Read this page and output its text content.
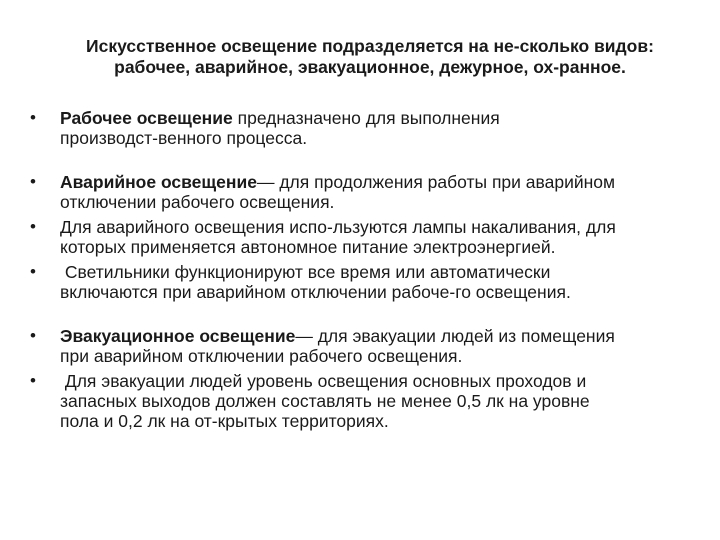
Искусственное освещение подразделяется на не-сколько видов:
рабочее, аварийное, эвакуационное, дежурное, ох-ранное.
•	Рабочее освещение предназначено для выполнения
производст-венного процесса.
•	Аварийное освещение— для продолжения работы при аварийном
отключении рабочего освещения.
•	Для аварийного освещения испо-льзуются лампы накаливания, для
которых применяется автономное питание электроэнергией.
•	Светильники функционируют все время или автоматически
включаются при аварийном отключении рабоче-го освещения.
•	Эвакуационное освещение— для эвакуации людей из помещения
при аварийном отключении рабочего освещения.
•	Для эвакуации людей уровень освещения основных проходов и
запасных выходов должен составлять не менее 0,5 лк на уровне
пола и 0,2 лк на от-крытых территориях.
